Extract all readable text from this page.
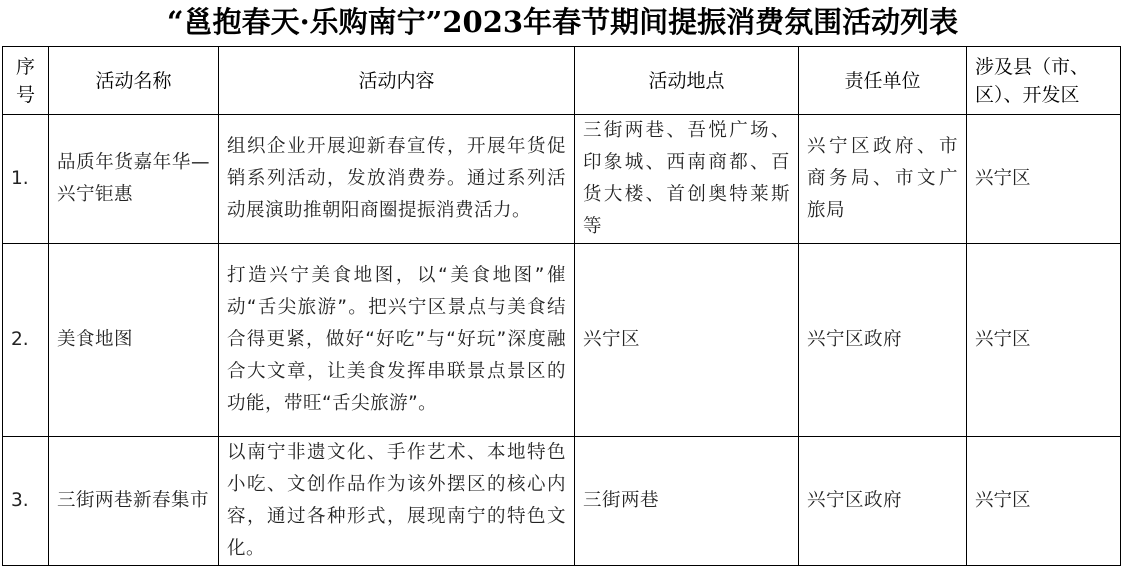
“邕抱春天·乐购南宁”2023年春节期间提振消费氛围活动列表
序号	活动名称	活动内容	活动地点	责任单位	涉及县（市、区）、开发区
1.	品质年货嘉年华—兴宁钜惠	组织企业开展迎新春宣传，开展年货促销系列活动，发放消费券。通过系列活动展演助推朝阳商圈提振消费活力。	三街两巷、吾悦广场、印象城、西南商都、百货大楼、首创奥特莱斯等	兴宁区政府、市商务局、市文广旅局	兴宁区
2.	美食地图	打造兴宁美食地图，以“美食地图”催动“舌尖旅游”。把兴宁区景点与美食结合得更紧，做好“好吃”与“好玩”深度融合大文章，让美食发挥串联景点景区的功能，带旺“舌尖旅游”。	兴宁区	兴宁区政府	兴宁区
3.	三街两巷新春集市	以南宁非遗文化、手作艺术、本地特色小吃、文创作品作为该外摆区的核心内容，通过各种形式，展现南宁的特色文化。	三街两巷	兴宁区政府	兴宁区
